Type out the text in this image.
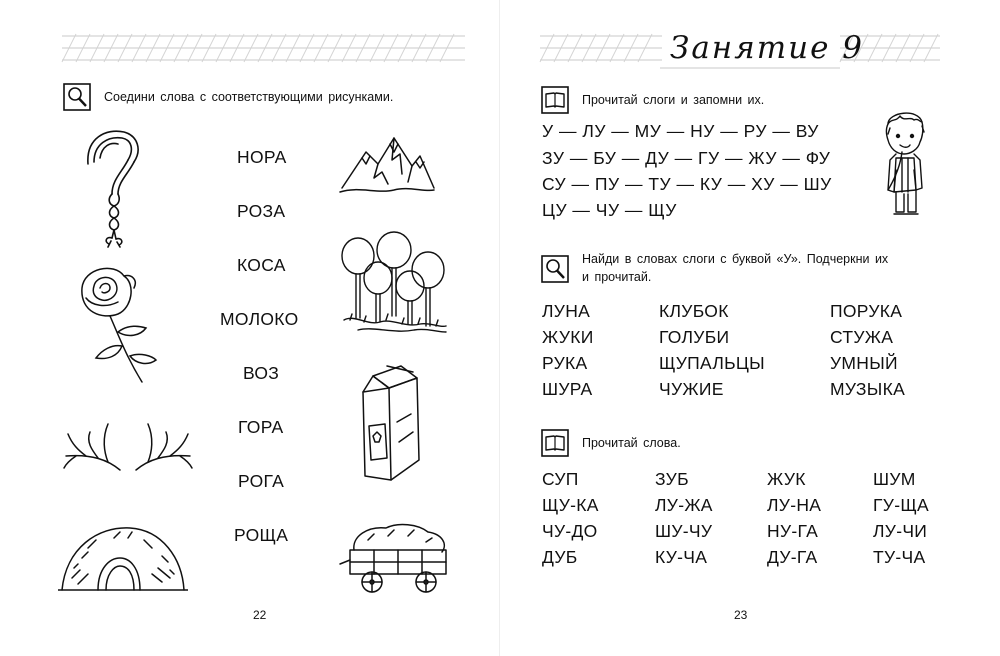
Соедини слова с соответствующими рисунками.
НОРА
РОЗА
КОСА
МОЛОКО
ВОЗ
ГОРА
РОГА
РОЩА
22
Занятие 9
Прочитай слоги и запомни их.
У — ЛУ — МУ — НУ — РУ — ВУ
ЗУ — БУ — ДУ — ГУ — ЖУ — ФУ
СУ — ПУ — ТУ — КУ — ХУ — ШУ
ЦУ — ЧУ — ЩУ
Найди в словах слоги с буквой «У». Подчеркни их
и прочитай.
ЛУНА
ЖУКИ
РУКА
ШУРА
КЛУБОК
ГОЛУБИ
ЩУПАЛЬЦЫ
ЧУЖИЕ
ПОРУКА
СТУЖА
УМНЫЙ
МУЗЫКА
Прочитай слова.
СУП
ЩУ-КА
ЧУ-ДО
ДУБ
ЗУБ
ЛУ-ЖА
ШУ-ЧУ
КУ-ЧА
ЖУК
ЛУ-НА
НУ-ГА
ДУ-ГА
ШУМ
ГУ-ЩА
ЛУ-ЧИ
ТУ-ЧА
23
